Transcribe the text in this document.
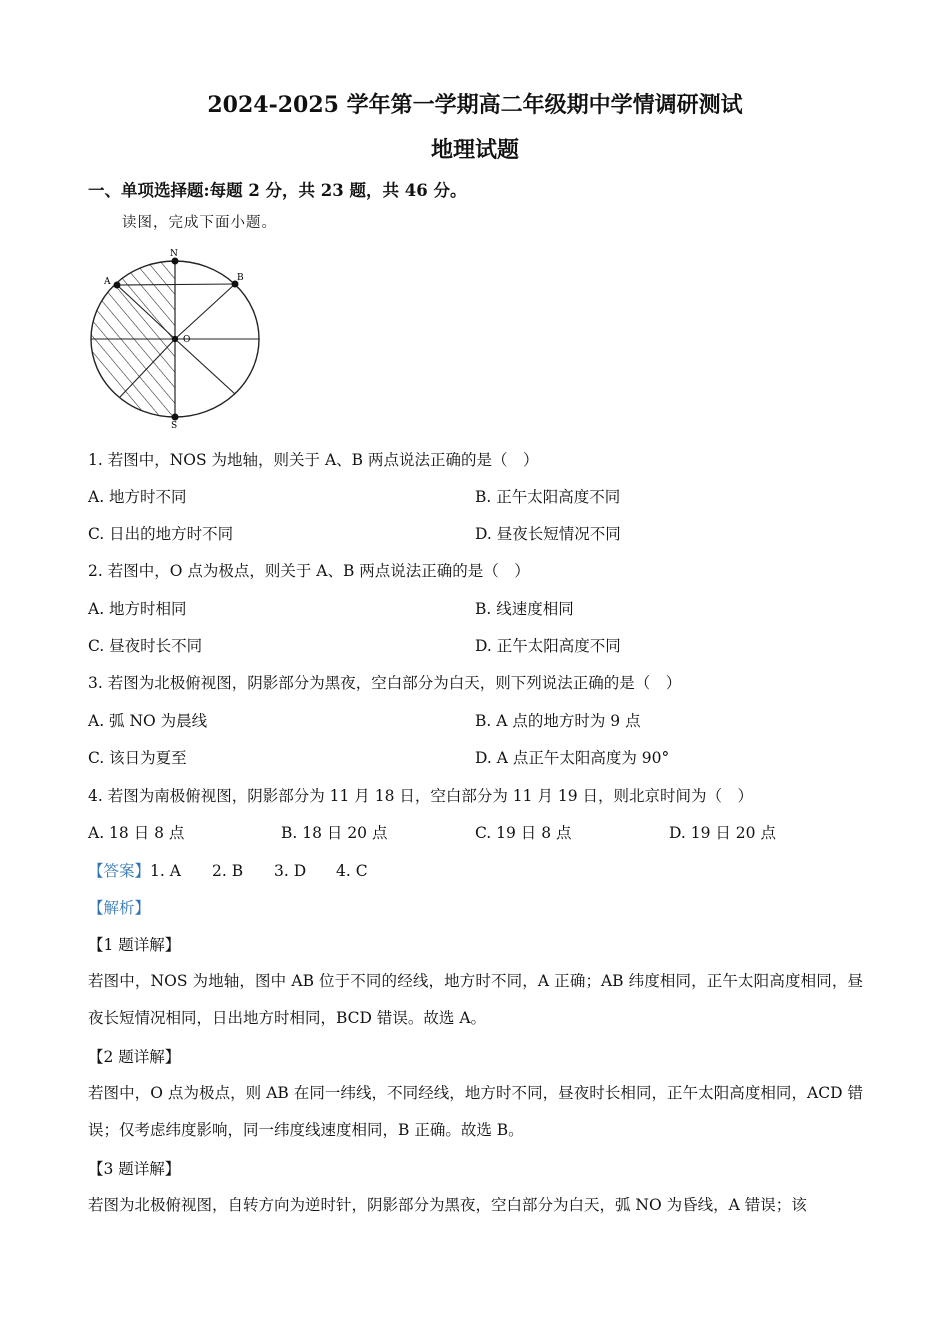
2024-2025 学年第一学期高二年级期中学情调研测试
地理试题
一、单项选择题:每题 2 分，共 23 题，共 46 分。
读图，完成下面小题。
N
S
A	B
O
1. 若图中，NOS 为地轴，则关于 A、B 两点说法正确的是（　）
A. 地方时不同	B. 正午太阳高度不同
C. 日出的地方时不同	D. 昼夜长短情况不同
2. 若图中，O 点为极点，则关于 A、B 两点说法正确的是（　）
A. 地方时相同	B. 线速度相同
C. 昼夜时长不同	D. 正午太阳高度不同
3. 若图为北极俯视图，阴影部分为黑夜，空白部分为白天，则下列说法正确的是（　）
A. 弧 NO 为晨线	B. A 点的地方时为 9 点
C. 该日为夏至	D. A 点正午太阳高度为 90°
4. 若图为南极俯视图，阴影部分为 11 月 18 日，空白部分为 11 月 19 日，则北京时间为（　）
A. 18 日 8 点	B. 18 日 20 点	C. 19 日 8 点	D. 19 日 20 点
【答案】1. A 2. B 3. D 4. C
【解析】
【1 题详解】
若图中，NOS 为地轴，图中 AB 位于不同的经线，地方时不同，A 正确；AB 纬度相同，正午太阳高度相同，昼夜长短情况相同，日出地方时相同，BCD 错误。故选 A。
【2 题详解】
若图中，O 点为极点，则 AB 在同一纬线，不同经线，地方时不同，昼夜时长相同，正午太阳高度相同，ACD 错误；仅考虑纬度影响，同一纬度线速度相同，B 正确。故选 B。
【3 题详解】
若图为北极俯视图，自转方向为逆时针，阴影部分为黑夜，空白部分为白天，弧 NO 为昏线，A 错误；该
